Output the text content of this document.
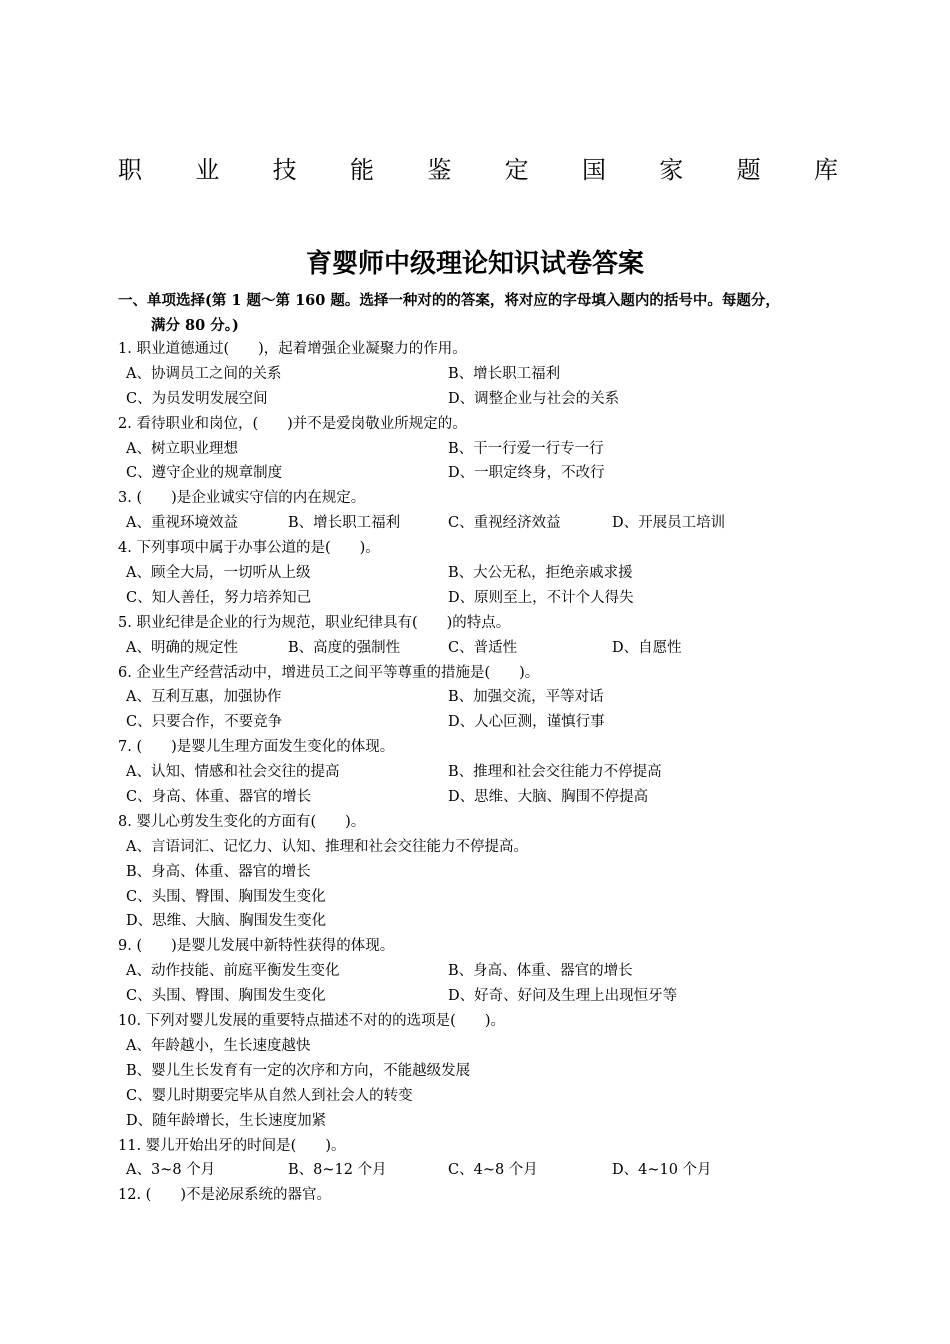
职 业 技 能 鉴 定 国 家 题 库
育婴师中级理论知识试卷答案
一、单项选择(第 1 题～第 160 题。选择一种对的的答案，将对应的字母填入题内的括号中。每题分，
满分 80 分。)
1. 职业道德通过(　　)，起着增强企业凝聚力的作用。
A、协调员工之间的关系	B、增长职工福利
C、为员发明发展空间	D、调整企业与社会的关系
2. 看待职业和岗位，(　　)并不是爱岗敬业所规定的。
A、树立职业理想	B、干一行爱一行专一行
C、遵守企业的规章制度	D、一职定终身，不改行
3. (　　)是企业诚实守信的内在规定。
A、重视环境效益	B、增长职工福利	C、重视经济效益	D、开展员工培训
4. 下列事项中属于办事公道的是(　　)。
A、顾全大局，一切听从上级	B、大公无私，拒绝亲戚求援
C、知人善任，努力培养知己	D、原则至上，不计个人得失
5. 职业纪律是企业的行为规范，职业纪律具有(　　)的特点。
A、明确的规定性	B、高度的强制性	C、普适性	D、自愿性
6. 企业生产经营活动中，增进员工之间平等尊重的措施是(　　)。
A、互利互惠，加强协作	B、加强交流，平等对话
C、只要合作，不要竞争	D、人心叵测，谨慎行事
7. (　　)是婴儿生理方面发生变化的体现。
A、认知、情感和社会交往的提高	B、推理和社会交往能力不停提高
C、身高、体重、器官的增长	D、思维、大脑、胸围不停提高
8. 婴儿心剪发生变化的方面有(　　)。
A、言语词汇、记忆力、认知、推理和社会交往能力不停提高。
B、身高、体重、器官的增长
C、头围、臀围、胸围发生变化
D、思维、大脑、胸围发生变化
9. (　　)是婴儿发展中新特性获得的体现。
A、动作技能、前庭平衡发生变化	B、身高、体重、器官的增长
C、头围、臀围、胸围发生变化	D、好奇、好问及生理上出现恒牙等
10. 下列对婴儿发展的重要特点描述不对的的选项是(　　)。
A、年龄越小，生长速度越快
B、婴儿生长发育有一定的次序和方向，不能越级发展
C、婴儿时期要完毕从自然人到社会人的转变
D、随年龄增长，生长速度加紧
11. 婴儿开始出牙的时间是(　　)。
A、3~8 个月	B、8~12 个月	C、4~8 个月	D、4~10 个月
12. (　　)不是泌尿系统的器官。
